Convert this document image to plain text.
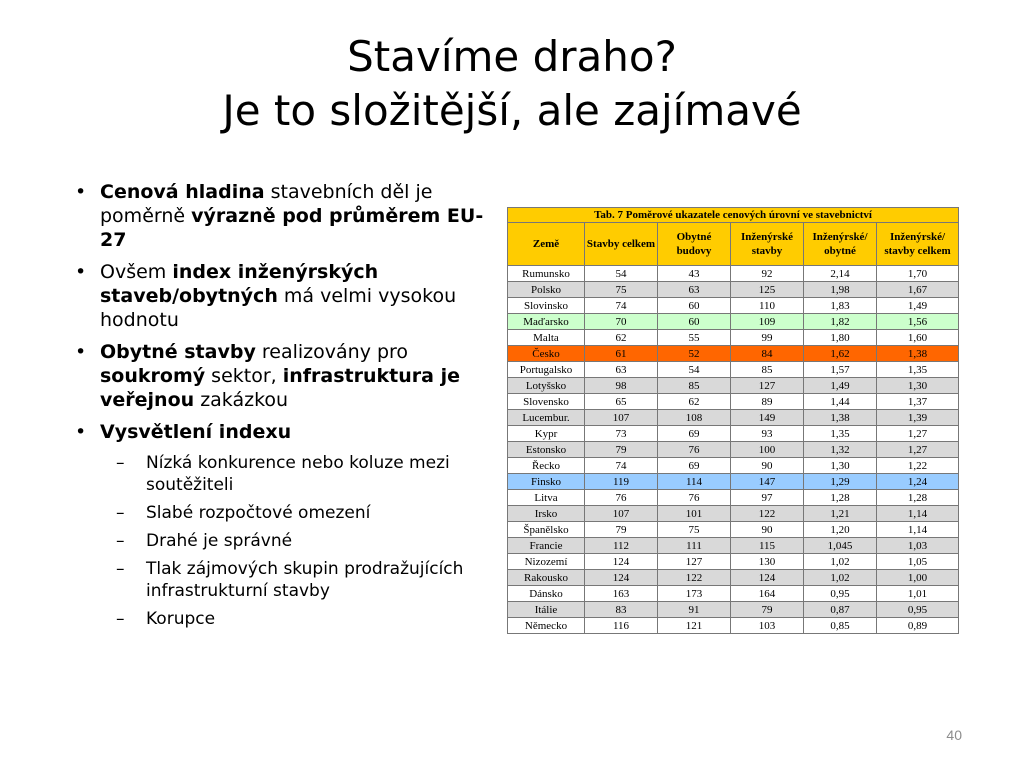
Stavíme draho?
Je to složitější, ale zajímavé
• Cenová hladina stavebních děl je poměrně výrazně pod průměrem EU-27
• Ovšem index inženýrských staveb/obytných má velmi vysokou hodnotu
• Obytné stavby realizovány pro soukromý sektor, infrastruktura je veřejnou zakázkou
• Vysvětlení indexu
– Nízká konkurence nebo koluze mezi soutěžiteli
– Slabé rozpočtové omezení
– Drahé je správné
– Tlak zájmových skupin prodražujících infrastrukturní stavby
– Korupce
Tab. 7 Poměrové ukazatele cenových úrovní ve stavebnictví					
Země	Stavby celkem	Obytné budovy	Inženýrské stavby	Inženýrské/ obytné	Inženýrské/ stavby celkem
Rumunsko	54	43	92	2,14	1,70
Polsko	75	63	125	1,98	1,67
Slovinsko	74	60	110	1,83	1,49
Maďarsko	70	60	109	1,82	1,56
Malta	62	55	99	1,80	1,60
Česko	61	52	84	1,62	1,38
Portugalsko	63	54	85	1,57	1,35
Lotyšsko	98	85	127	1,49	1,30
Slovensko	65	62	89	1,44	1,37
Lucembur.	107	108	149	1,38	1,39
Kypr	73	69	93	1,35	1,27
Estonsko	79	76	100	1,32	1,27
Řecko	74	69	90	1,30	1,22
Finsko	119	114	147	1,29	1,24
Litva	76	76	97	1,28	1,28
Irsko	107	101	122	1,21	1,14
Španělsko	79	75	90	1,20	1,14
Francie	112	111	115	1,045	1,03
Nizozemí	124	127	130	1,02	1,05
Rakousko	124	122	124	1,02	1,00
Dánsko	163	173	164	0,95	1,01
Itálie	83	91	79	0,87	0,95
Německo	116	121	103	0,85	0,89
40
